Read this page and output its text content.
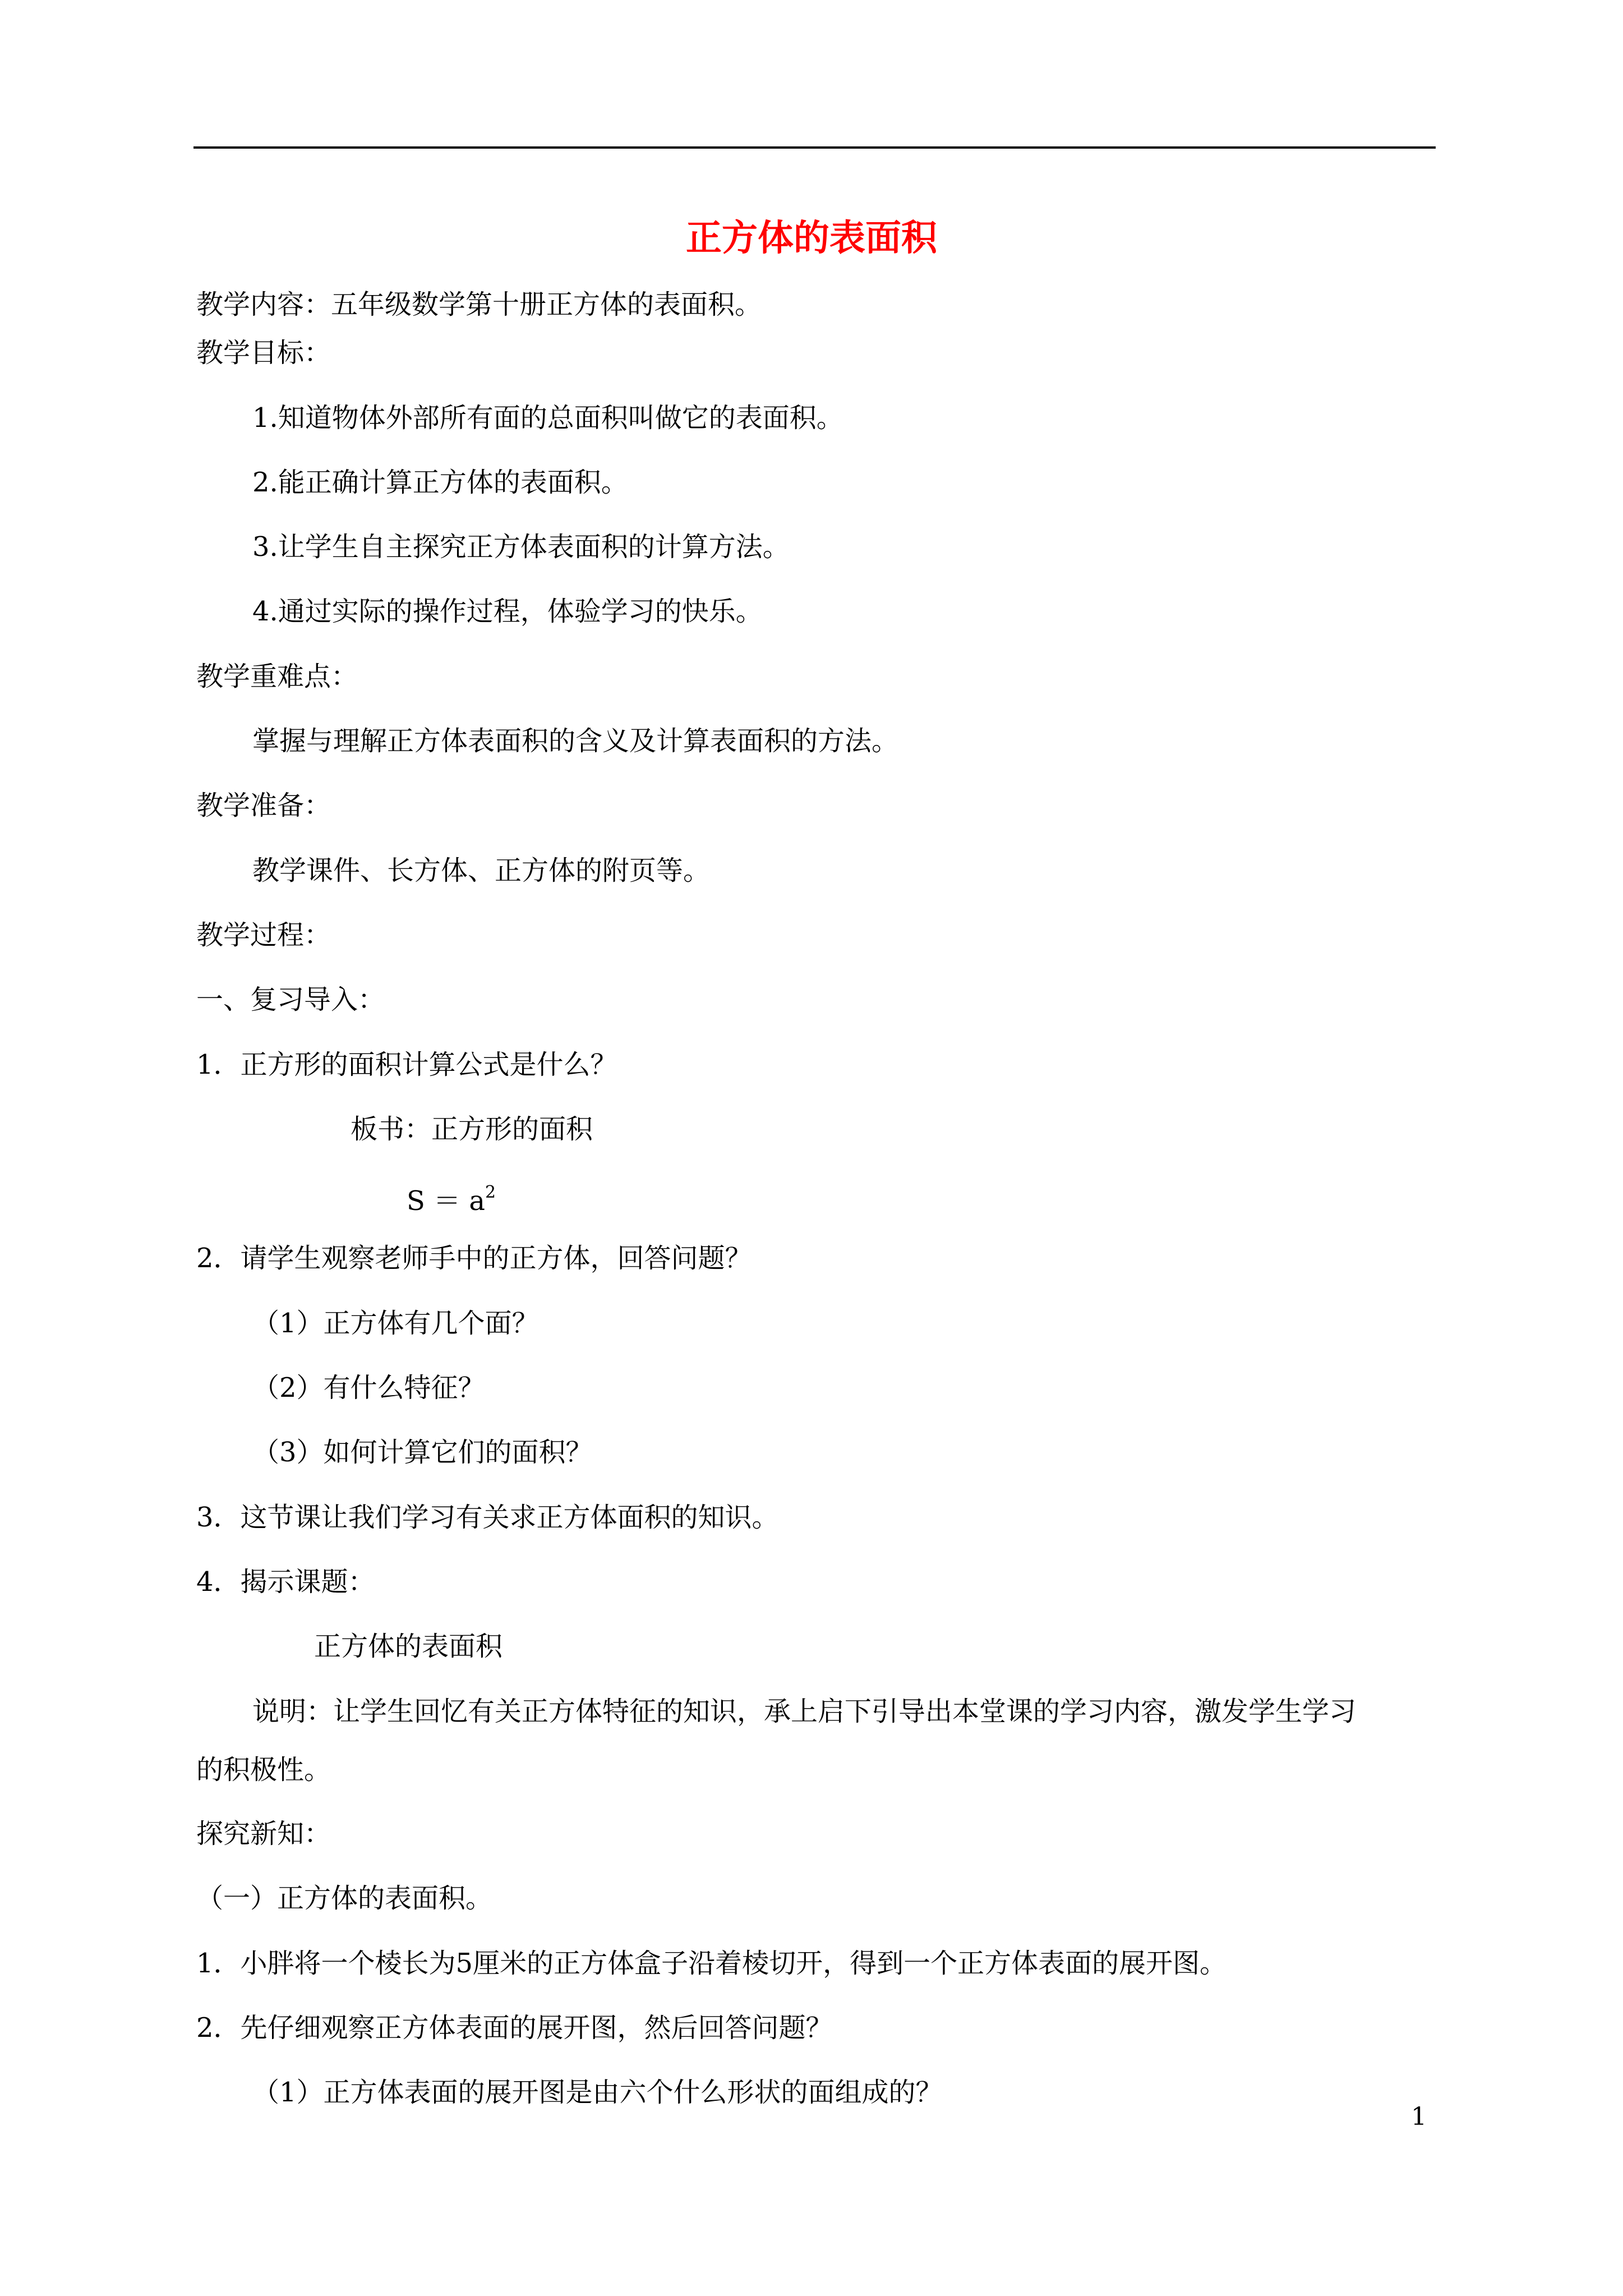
正方体的表面积
教学内容：五年级数学第十册正方体的表面积。
教学目标：
1.知道物体外部所有面的总面积叫做它的表面积。
2.能正确计算正方体的表面积。
3.让学生自主探究正方体表面积的计算方法。
4.通过实际的操作过程，体验学习的快乐。
教学重难点：
掌握与理解正方体表面积的含义及计算表面积的方法。
教学准备：
教学课件、长方体、正方体的附页等。
教学过程：
一、复习导入：
1．正方形的面积计算公式是什么？
板书：正方形的面积
$S = a^2$
2．请学生观察老师手中的正方体，回答问题？
（1）正方体有几个面？
（2）有什么特征？
（3）如何计算它们的面积？
3．这节课让我们学习有关求正方体面积的知识。
4．揭示课题：
正方体的表面积
说明：让学生回忆有关正方体特征的知识，承上启下引导出本堂课的学习内容，激发学生学习
的积极性。
探究新知：
（一）正方体的表面积。
1．小胖将一个棱长为5厘米的正方体盒子沿着棱切开，得到一个正方体表面的展开图。
2．先仔细观察正方体表面的展开图，然后回答问题？
（1）正方体表面的展开图是由六个什么形状的面组成的？
1
